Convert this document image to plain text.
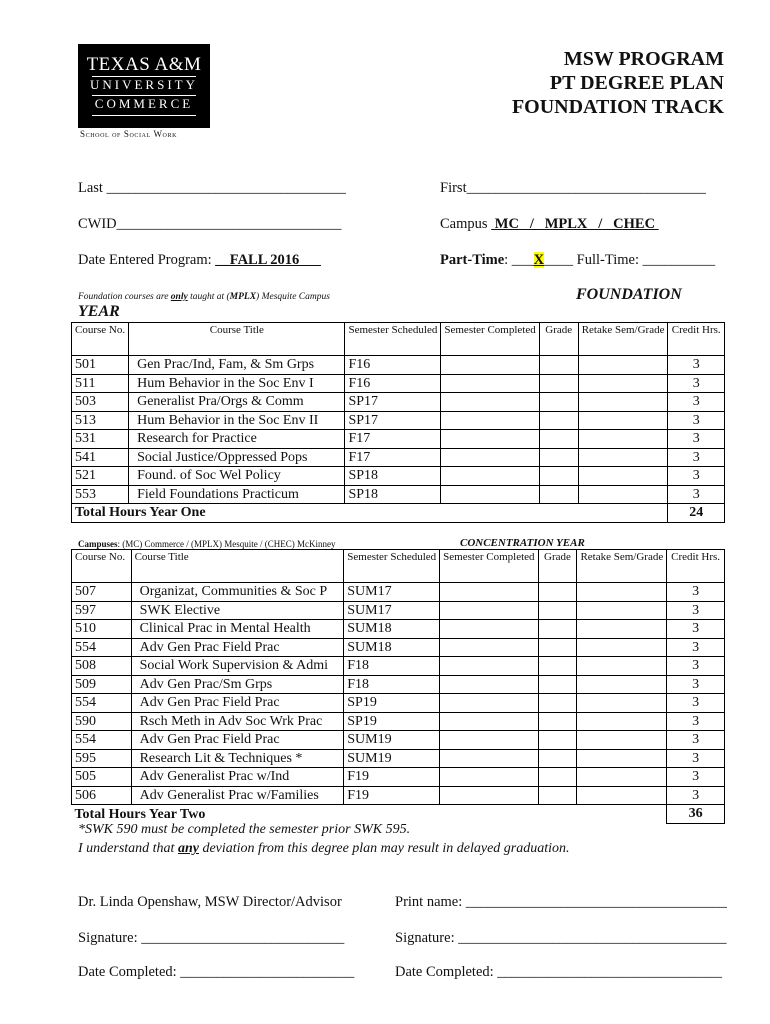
TEXAS A&M
UNIVERSITY
COMMERCE
School of Social Work
MSW PROGRAM
PT DEGREE PLAN
FOUNDATION TRACK
Last _________________________________	First_________________________________
CWID_______________________________	Campus  MC   /   MPLX   /   CHEC
Date Entered Program: __FALL 2016	Part-Time: ___X____ Full-Time: __________
Foundation courses are only taught at (MPLX) Mesquite Campus	FOUNDATION
YEAR
Course No.	Course Title	Semester Scheduled	Semester Completed	Grade	Retake Sem/Grade	Credit Hrs.
501	Gen Prac/Ind, Fam, & Sm Grps	F16				3
511	Hum Behavior in the Soc Env I	F16				3
503	Generalist Pra/Orgs & Comm	SP17				3
513	Hum Behavior in the Soc Env II	SP17				3
531	Research for Practice	F17				3
541	Social Justice/Oppressed Pops	F17				3
521	Found. of Soc Wel Policy	SP18				3
553	Field Foundations Practicum	SP18				3
Total Hours Year One						24
Campuses: (MC) Commerce / (MPLX) Mesquite / (CHEC) McKinney	CONCENTRATION YEAR
Course No.	Course Title	Semester Scheduled	Semester Completed	Grade	Retake Sem/Grade	Credit Hrs.
507	Organizat, Communities & Soc P	SUM17				3
597	SWK Elective	SUM17				3
510	Clinical Prac in Mental Health	SUM18				3
554	Adv Gen Prac Field Prac	SUM18				3
508	Social Work Supervision & Admi	F18				3
509	Adv Gen Prac/Sm Grps	F18				3
554	Adv Gen Prac Field Prac	SP19				3
590	Rsch Meth in Adv Soc Wrk Prac	SP19				3
554	Adv Gen Prac Field Prac	SUM19				3
595	Research Lit & Techniques *	SUM19				3
505	Adv Generalist Prac w/Ind	F19				3
506	Adv Generalist Prac w/Families	F19				3
Total Hours Year Two						36
*SWK 590 must be completed the semester prior SWK 595.
I understand that any deviation from this degree plan may result in delayed graduation.
Dr. Linda Openshaw, MSW Director/Advisor	Print name: ____________________________________
Signature: ____________________________	Signature: _____________________________________
Date Completed: ________________________	Date Completed: _______________________________
